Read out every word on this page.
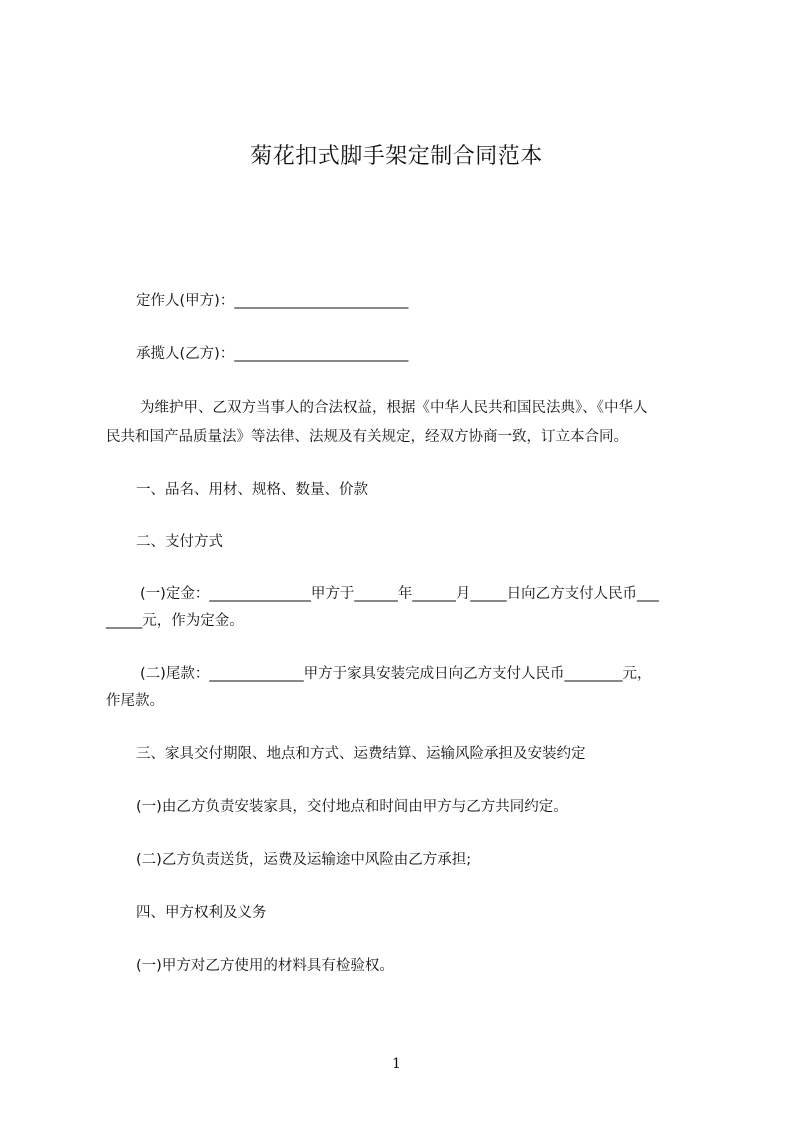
菊花扣式脚手架定制合同范本
定作人(甲方)：________________________
承揽人(乙方)：________________________
为维护甲、乙双方当事人的合法权益，根据《中华人民共和国民法典》、《中华人
民共和国产品质量法》等法律、法规及有关规定，经双方协商一致，订立本合同。
一、品名、用材、规格、数量、价款
二、支付方式
(一)定金：______________甲方于______年______月_____日向乙方支付人民币___
_____元，作为定金。
(二)尾款：_____________甲方于家具安装完成日向乙方支付人民币________元，
作尾款。
三、家具交付期限、地点和方式、运费结算、运输风险承担及安装约定
(一)由乙方负责安装家具，交付地点和时间由甲方与乙方共同约定。
(二)乙方负责送货，运费及运输途中风险由乙方承担;
四、甲方权利及义务
(一)甲方对乙方使用的材料具有检验权。
1
